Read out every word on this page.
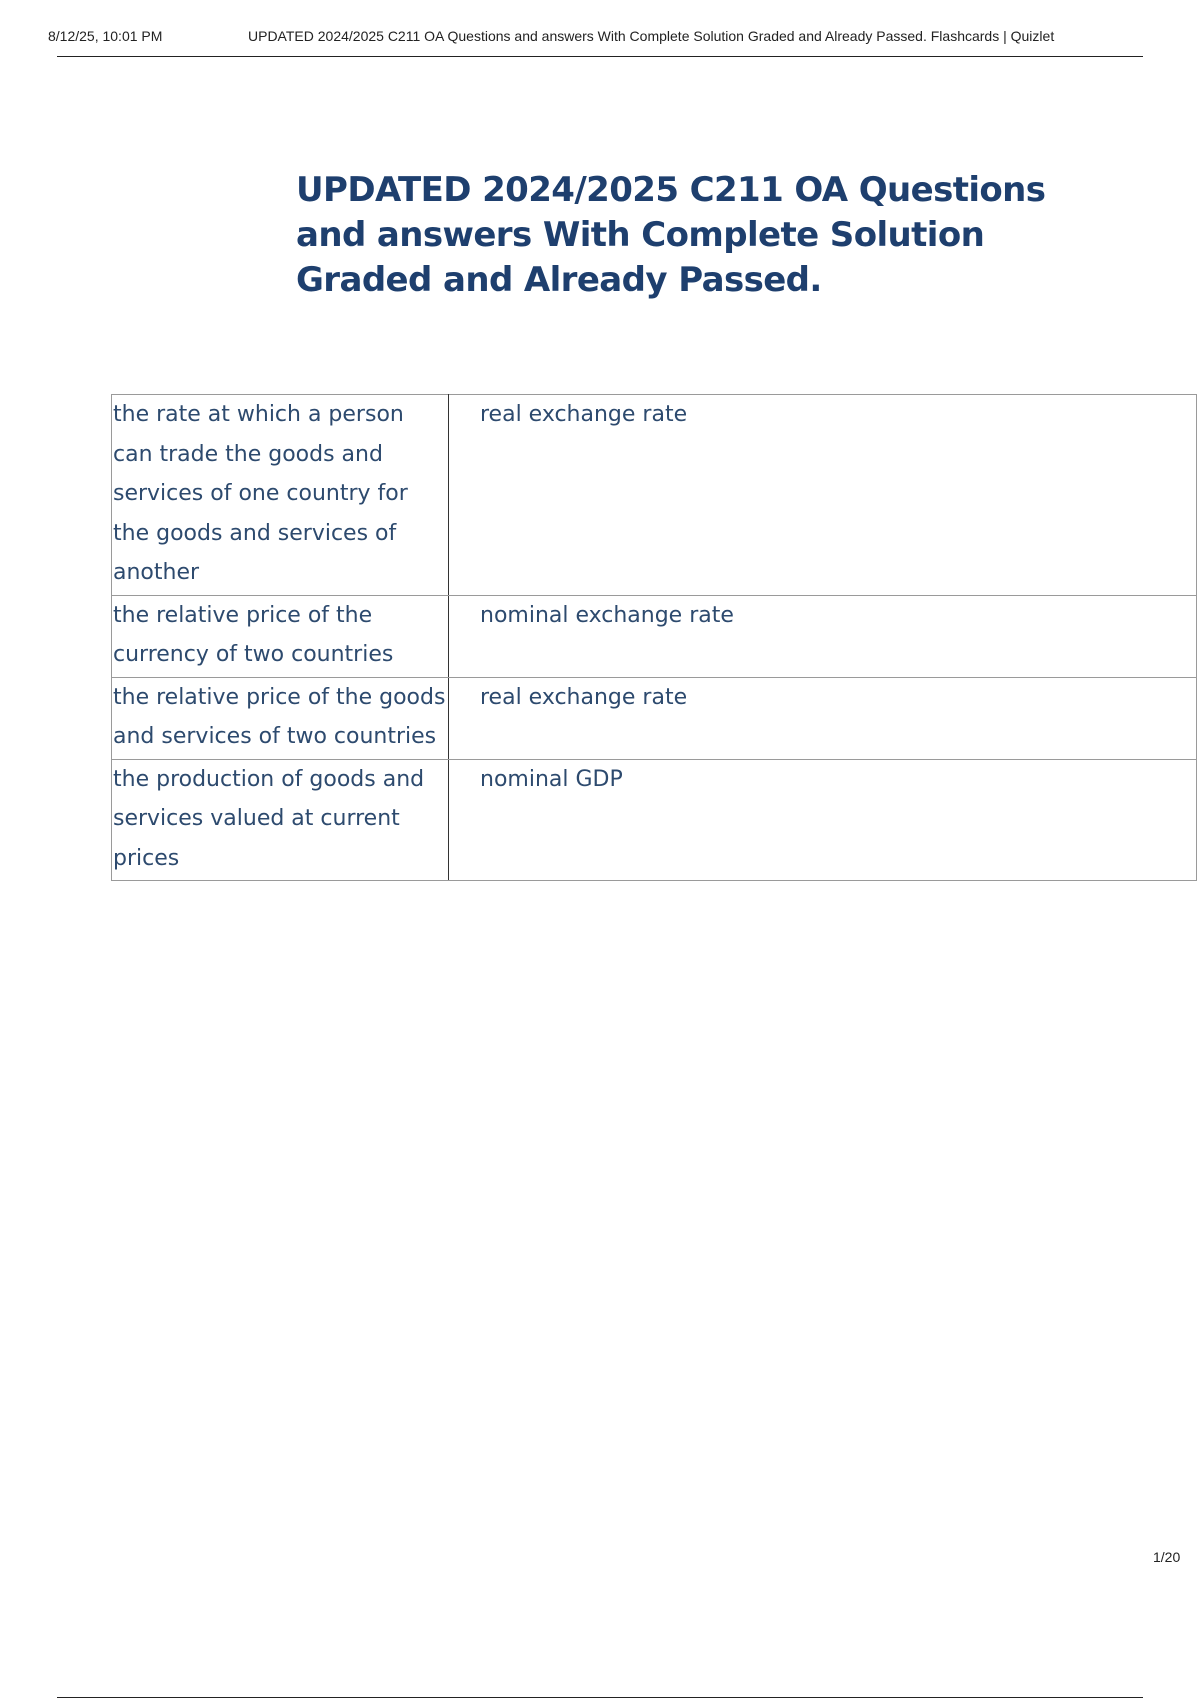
8/12/25, 10:01 PM	UPDATED 2024/2025 C211 OA Questions and answers With Complete Solution Graded and Already Passed. Flashcards | Quizlet
UPDATED 2024/2025 C211 OA Questions and answers With Complete Solution Graded and Already Passed.
the rate at which a person can trade the goods and services of one country for the goods and services of another	real exchange rate
the relative price of the currency of two countries	nominal exchange rate
the relative price of the goods and services of two countries	real exchange rate
the production of goods and services valued at current prices	nominal GDP
1/20
